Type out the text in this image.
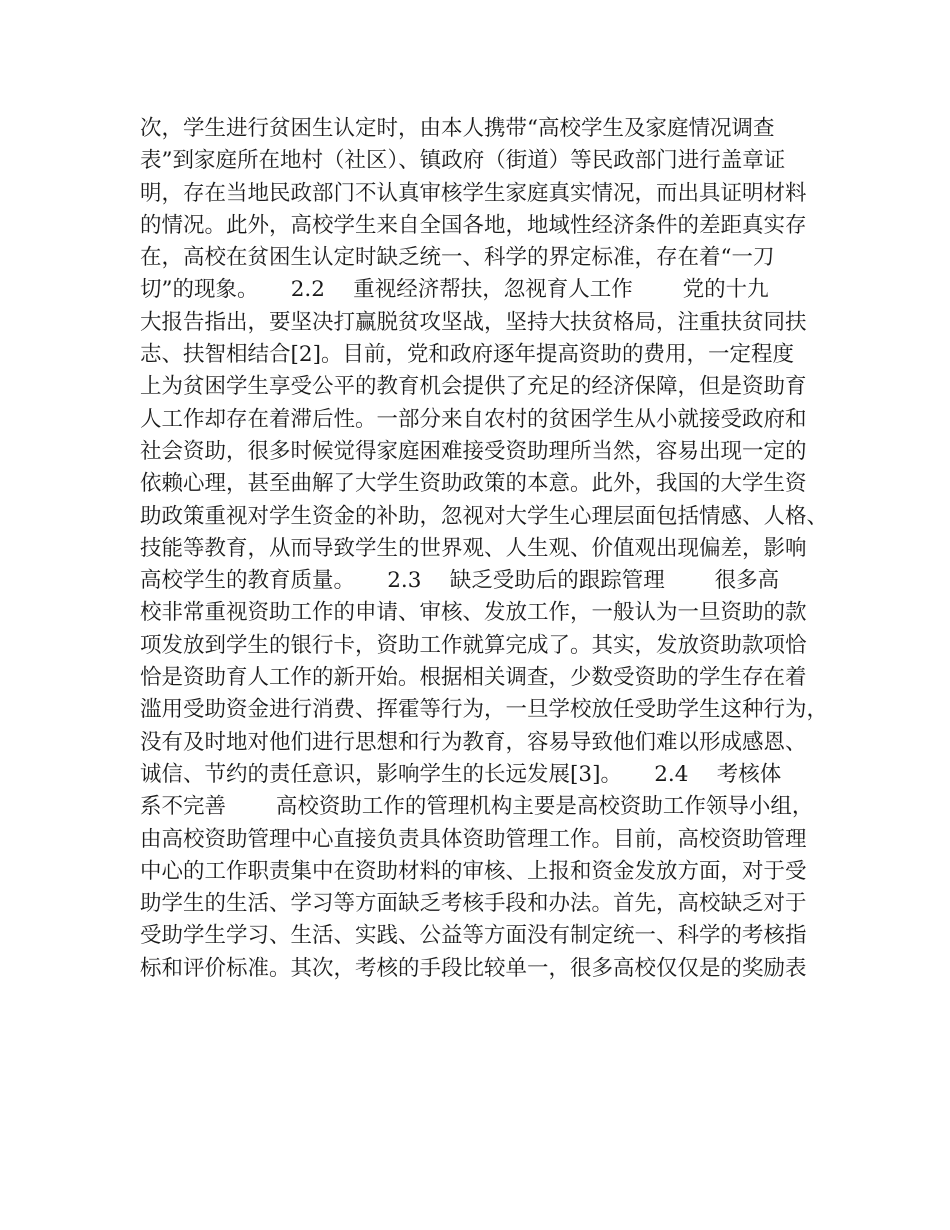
次，学生进行贫困生认定时，由本人携带“高校学生及家庭情况调查
表”到家庭所在地村（社区）、镇政府（街道）等民政部门进行盖章证
明，存在当地民政部门不认真审核学生家庭真实情况，而出具证明材料
的情况。此外，高校学生来自全国各地，地域性经济条件的差距真实存
在，高校在贫困生认定时缺乏统一、科学的界定标准，存在着“一刀
切”的现象。　　2.2　 重视经济帮扶，忽视育人工作　　 党的十九
大报告指出，要坚决打赢脱贫攻坚战，坚持大扶贫格局，注重扶贫同扶
志、扶智相结合[2]。目前，党和政府逐年提高资助的费用，一定程度
上为贫困学生享受公平的教育机会提供了充足的经济保障，但是资助育
人工作却存在着滞后性。一部分来自农村的贫困学生从小就接受政府和
社会资助，很多时候觉得家庭困难接受资助理所当然，容易出现一定的
依赖心理，甚至曲解了大学生资助政策的本意。此外，我国的大学生资
助政策重视对学生资金的补助，忽视对大学生心理层面包括情感、人格、
技能等教育，从而导致学生的世界观、人生观、价值观出现偏差，影响
高校学生的教育质量。　　2.3　 缺乏受助后的跟踪管理　　 很多高
校非常重视资助工作的申请、审核、发放工作，一般认为一旦资助的款
项发放到学生的银行卡，资助工作就算完成了。其实，发放资助款项恰
恰是资助育人工作的新开始。根据相关调查，少数受资助的学生存在着
滥用受助资金进行消费、挥霍等行为，一旦学校放任受助学生这种行为，
没有及时地对他们进行思想和行为教育，容易导致他们难以形成感恩、
诚信、节约的责任意识，影响学生的长远发展[3]。　　2.4　 考核体
系不完善　　 高校资助工作的管理机构主要是高校资助工作领导小组，
由高校资助管理中心直接负责具体资助管理工作。目前，高校资助管理
中心的工作职责集中在资助材料的审核、上报和资金发放方面，对于受
助学生的生活、学习等方面缺乏考核手段和办法。首先，高校缺乏对于
受助学生学习、生活、实践、公益等方面没有制定统一、科学的考核指
标和评价标准。其次，考核的手段比较单一，很多高校仅仅是的奖励表
